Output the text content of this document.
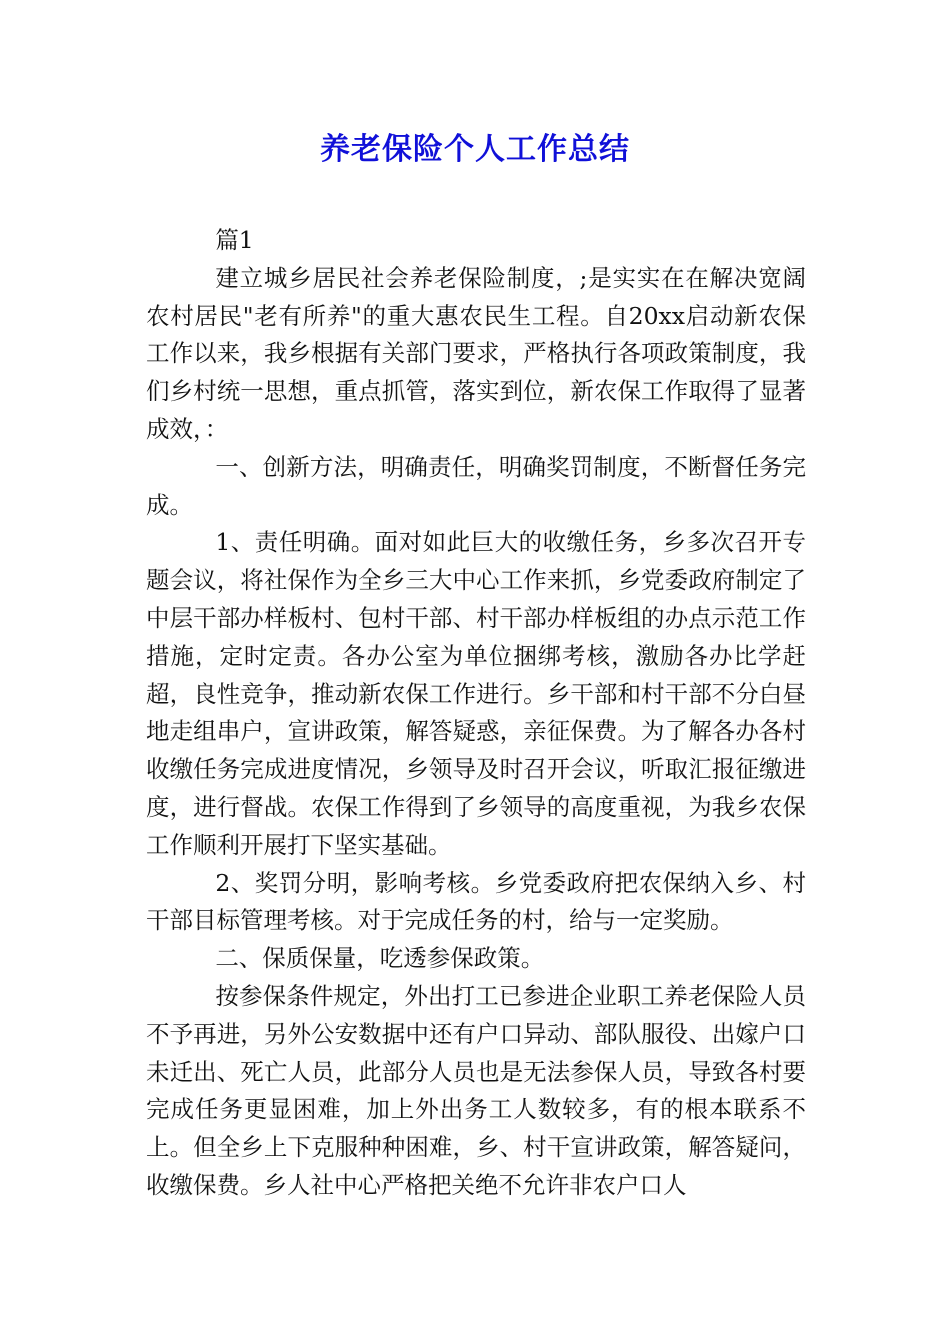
养老保险个人工作总结

篇1

建立城乡居民社会养老保险制度，;是实实在在解决宽阔农村居民"老有所养"的重大惠农民生工程。自20xx启动新农保工作以来，我乡根据有关部门要求，严格执行各项政策制度，我们乡村统一思想，重点抓管，落实到位，新农保工作取得了显著成效，：

一、创新方法，明确责任，明确奖罚制度，不断督任务完成。

1、责任明确。面对如此巨大的收缴任务，乡多次召开专题会议，将社保作为全乡三大中心工作来抓，乡党委政府制定了中层干部办样板村、包村干部、村干部办样板组的办点示范工作措施，定时定责。各办公室为单位捆绑考核，激励各办比学赶超，良性竞争，推动新农保工作进行。乡干部和村干部不分白昼地走组串户，宣讲政策，解答疑惑，亲征保费。为了解各办各村收缴任务完成进度情况，乡领导及时召开会议，听取汇报征缴进度，进行督战。农保工作得到了乡领导的高度重视，为我乡农保工作顺利开展打下坚实基础。

2、奖罚分明，影响考核。乡党委政府把农保纳入乡、村干部目标管理考核。对于完成任务的村，给与一定奖励。

二、保质保量，吃透参保政策。

按参保条件规定，外出打工已参进企业职工养老保险人员不予再进，另外公安数据中还有户口异动、部队服役、出嫁户口未迁出、死亡人员，此部分人员也是无法参保人员，导致各村要完成任务更显困难，加上外出务工人数较多，有的根本联系不上。但全乡上下克服种种困难，乡、村干宣讲政策，解答疑问，收缴保费。乡人社中心严格把关绝不允许非农户口人
